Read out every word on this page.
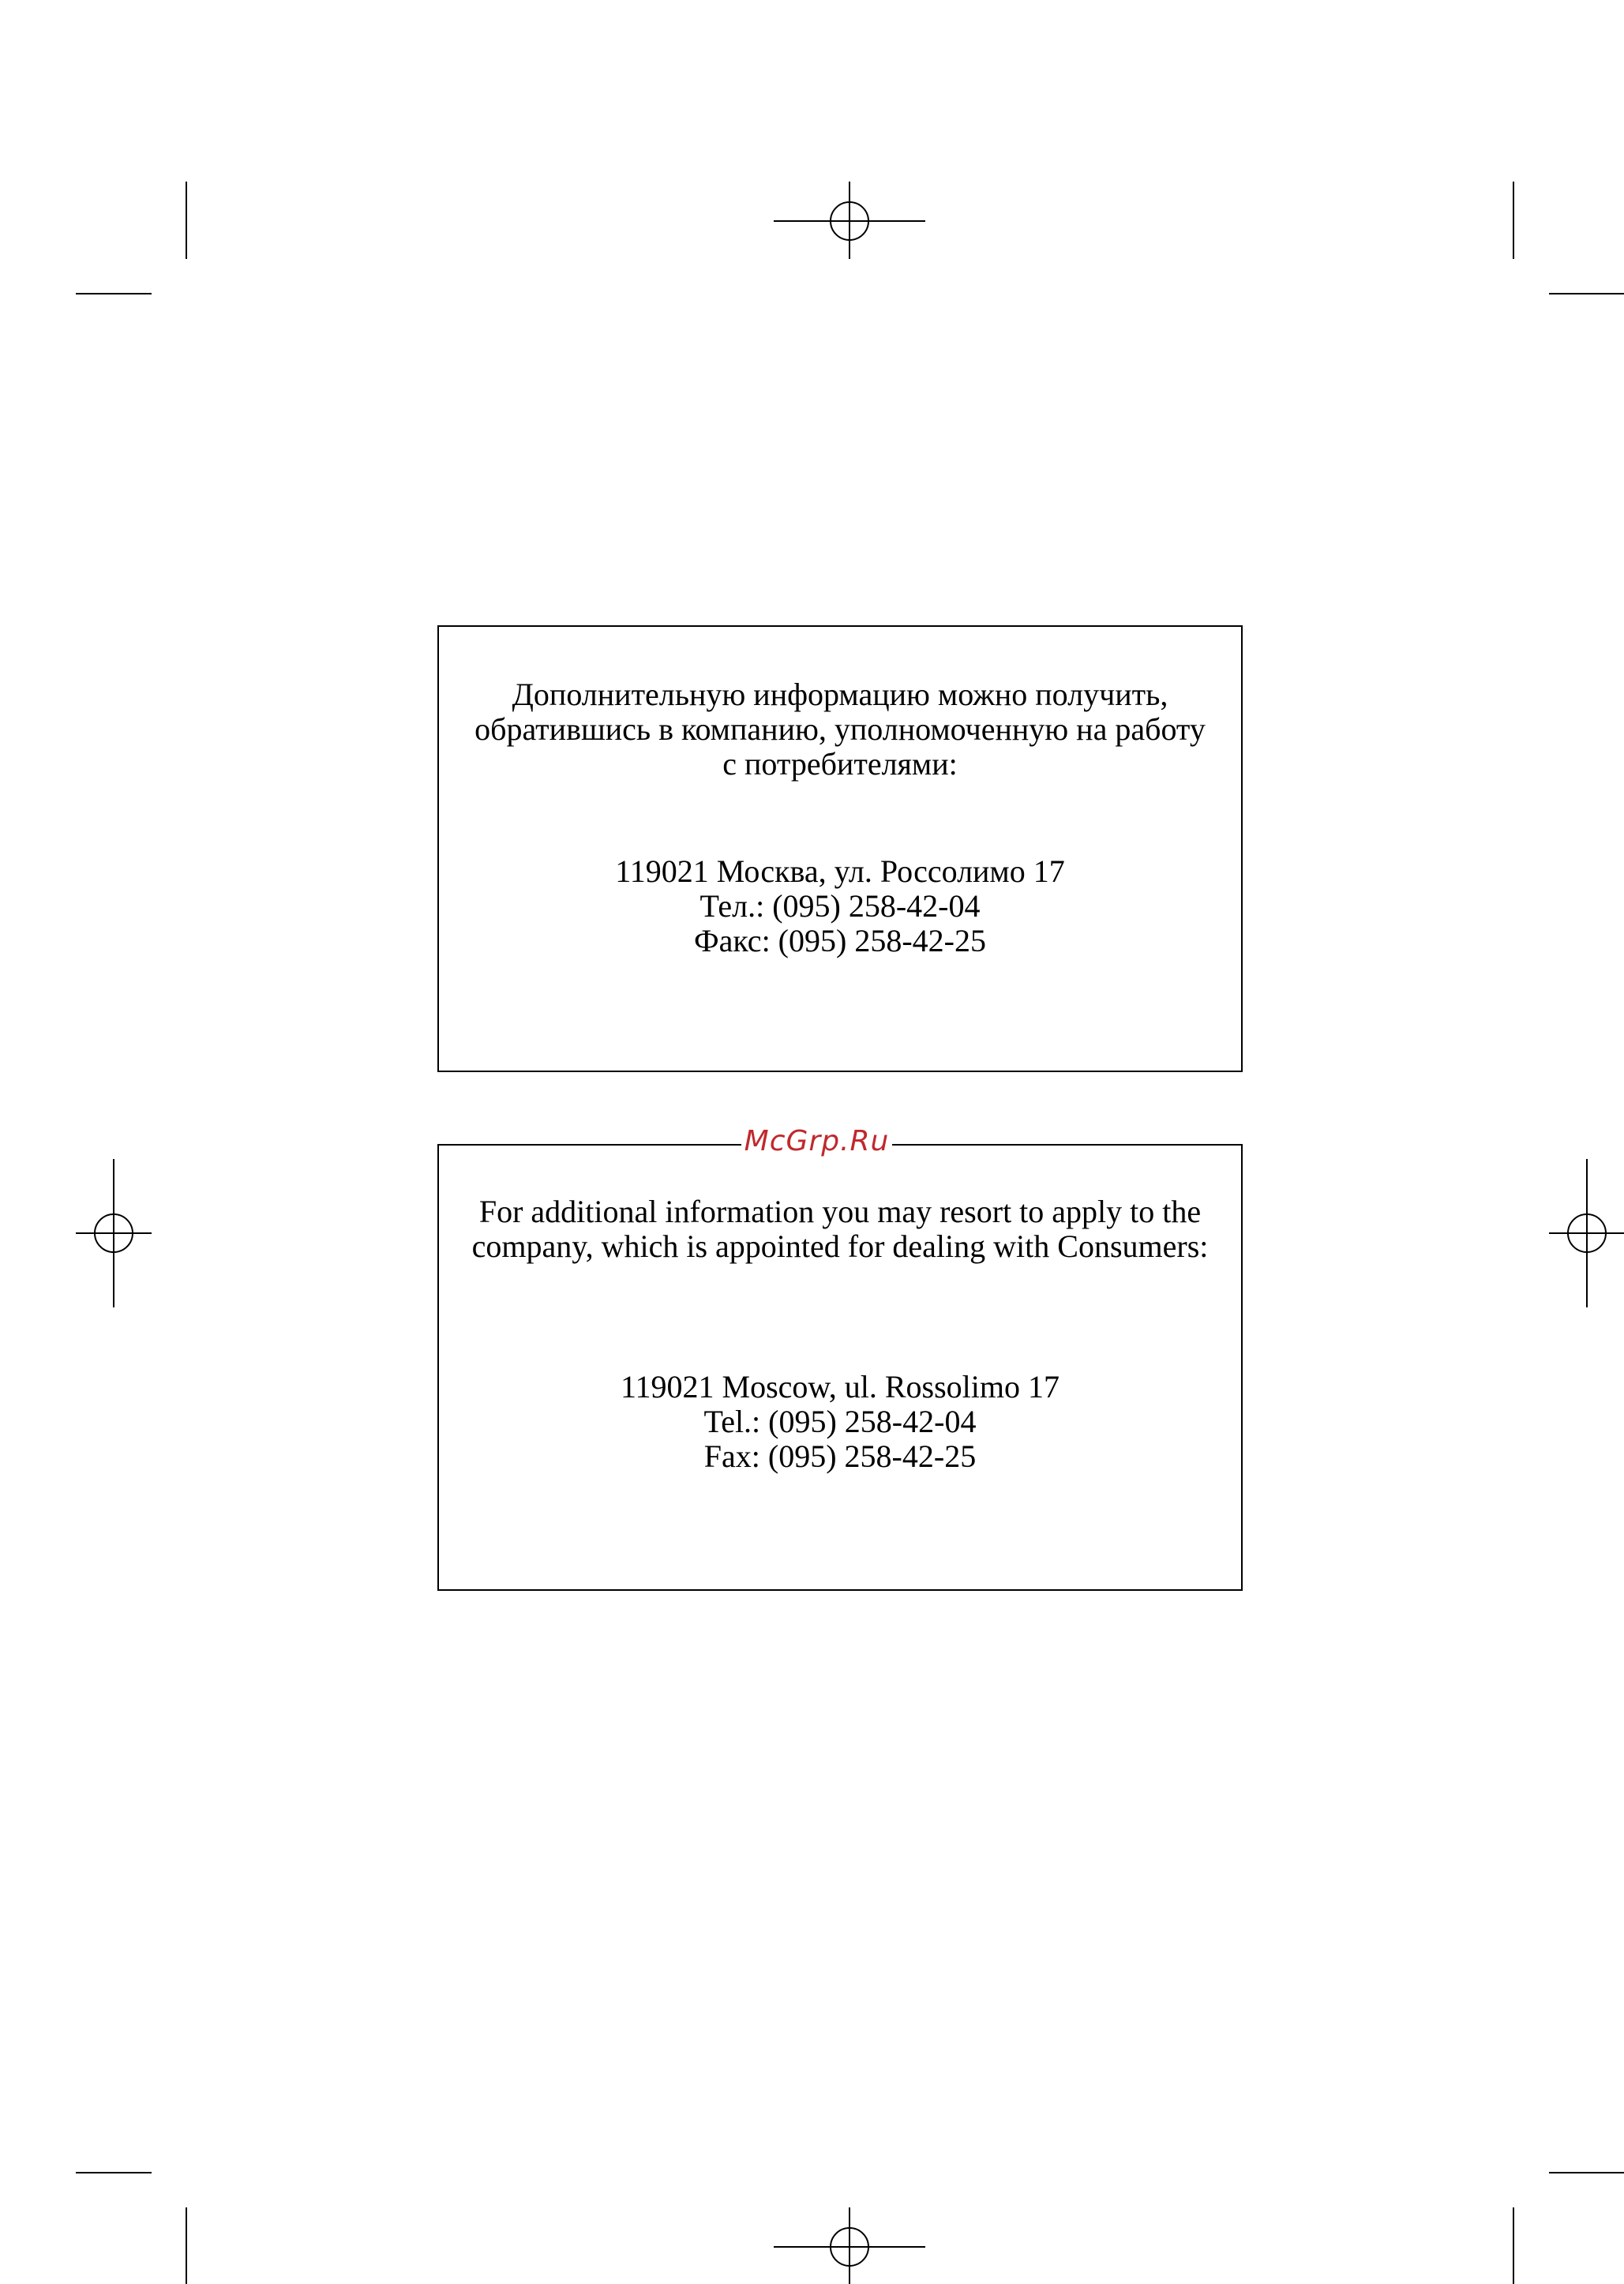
Дополнительную информацию можно получить,
обратившись в компанию, уполномоченную на работу
с потребителями:
119021 Москва, ул. Россолимо 17
Тел.: (095) 258-42-04
Факс: (095) 258-42-25
For additional information you may resort to apply to the
company, which is appointed for dealing with Consumers:
119021 Moscow, ul. Rossolimo 17
Tel.: (095) 258-42-04
Fax: (095) 258-42-25
McGrp.Ru
